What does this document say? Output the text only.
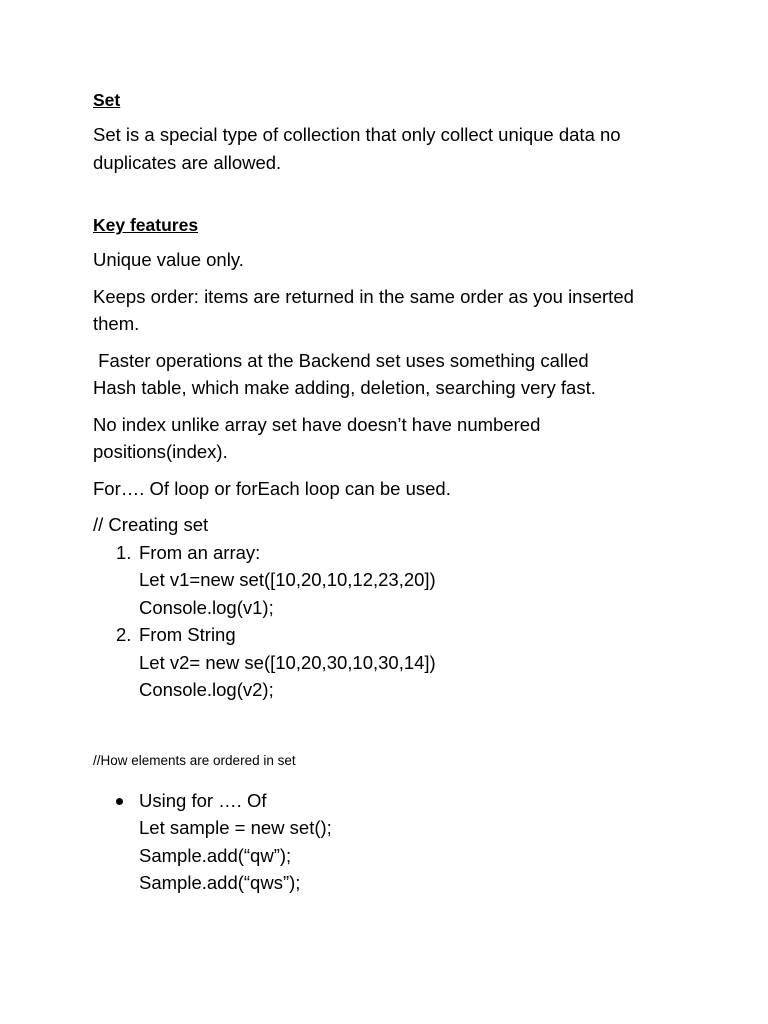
Set

Set is a special type of collection that only collect unique data no
duplicates are allowed.

Key features

Unique value only.

Keeps order: items are returned in the same order as you inserted
them.

Faster operations at the Backend set uses something called
Hash table, which make adding, deletion, searching very fast.

No index unlike array set have doesn’t have numbered
positions(index).

For…. Of loop or forEach loop can be used.

// Creating set

1. From an array:
Let v1=new set([10,20,10,12,23,20])
Console.log(v1);
2. From String
Let v2= new se([10,20,30,10,30,14])
Console.log(v2);

//How elements are ordered in set

Using for …. Of
Let sample = new set();
Sample.add(“qw”);
Sample.add(“qws”);
